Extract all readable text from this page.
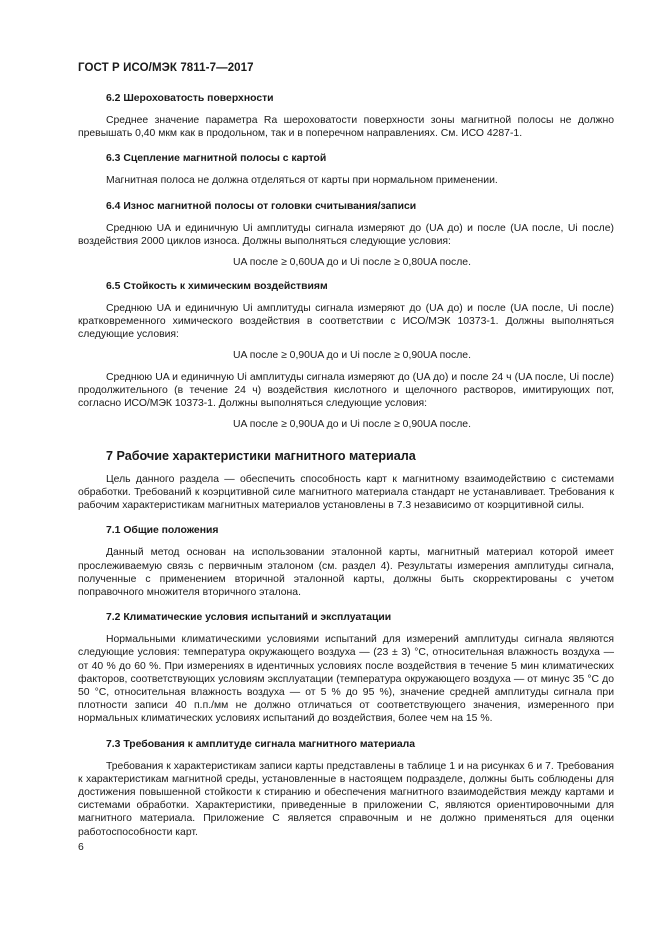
ГОСТ Р ИСО/МЭК 7811-7—2017
6.2 Шероховатость поверхности

Среднее значение параметра Ra шероховатости поверхности зоны магнитной полосы не должно превышать 0,40 мкм как в продольном, так и в поперечном направлениях. См. ИСО 4287-1.

6.3 Сцепление магнитной полосы с картой

Магнитная полоса не должна отделяться от карты при нормальном применении.

6.4 Износ магнитной полосы от головки считывания/записи

Среднюю UA и единичную Ui амплитуды сигнала измеряют до (UA до) и после (UA после, Ui после) воздействия 2000 циклов износа. Должны выполняться следующие условия:

UA после ≥ 0,60UA до и Ui после ≥ 0,80UA после.

6.5 Стойкость к химическим воздействиям

Среднюю UA и единичную Ui амплитуды сигнала измеряют до (UA до) и после (UA после, Ui после) кратковременного химического воздействия в соответствии с ИСО/МЭК 10373-1. Должны выполняться следующие условия:

UA после ≥ 0,90UA до и Ui после ≥ 0,90UA после.

Среднюю UA и единичную Ui амплитуды сигнала измеряют до (UA до) и после 24 ч (UA после, Ui после) продолжительного (в течение 24 ч) воздействия кислотного и щелочного растворов, имитирующих пот, согласно ИСО/МЭК 10373-1. Должны выполняться следующие условия:

UA после ≥ 0,90UA до и Ui после ≥ 0,90UA после.

7 Рабочие характеристики магнитного материала

Цель данного раздела — обеспечить способность карт к магнитному взаимодействию с системами обработки. Требований к коэрцитивной силе магнитного материала стандарт не устанавливает. Требования к рабочим характеристикам магнитных материалов установлены в 7.3 независимо от коэрцитивной силы.

7.1 Общие положения

Данный метод основан на использовании эталонной карты, магнитный материал которой имеет прослеживаемую связь с первичным эталоном (см. раздел 4). Результаты измерения амплитуды сигнала, полученные с применением вторичной эталонной карты, должны быть скорректированы с учетом поправочного множителя вторичного эталона.

7.2 Климатические условия испытаний и эксплуатации

Нормальными климатическими условиями испытаний для измерений амплитуды сигнала являются следующие условия: температура окружающего воздуха — (23 ± 3) °C, относительная влажность воздуха — от 40 % до 60 %. При измерениях в идентичных условиях после воздействия в течение 5 мин климатических факторов, соответствующих условиям эксплуатации (температура окружающего воздуха — от минус 35 °C до 50 °C, относительная влажность воздуха — от 5 % до 95 %), значение средней амплитуды сигнала при плотности записи 40 п.п./мм не должно отличаться от соответствующего значения, измеренного при нормальных климатических условиях испытаний до воздействия, более чем на 15 %.

7.3 Требования к амплитуде сигнала магнитного материала

Требования к характеристикам записи карты представлены в таблице 1 и на рисунках 6 и 7. Требования к характеристикам магнитной среды, установленные в настоящем подразделе, должны быть соблюдены для достижения повышенной стойкости к стиранию и обеспечения магнитного взаимодействия между картами и системами обработки. Характеристики, приведенные в приложении C, являются ориентировочными для магнитного материала. Приложение C является справочным и не должно применяться для оценки работоспособности карт.

6
